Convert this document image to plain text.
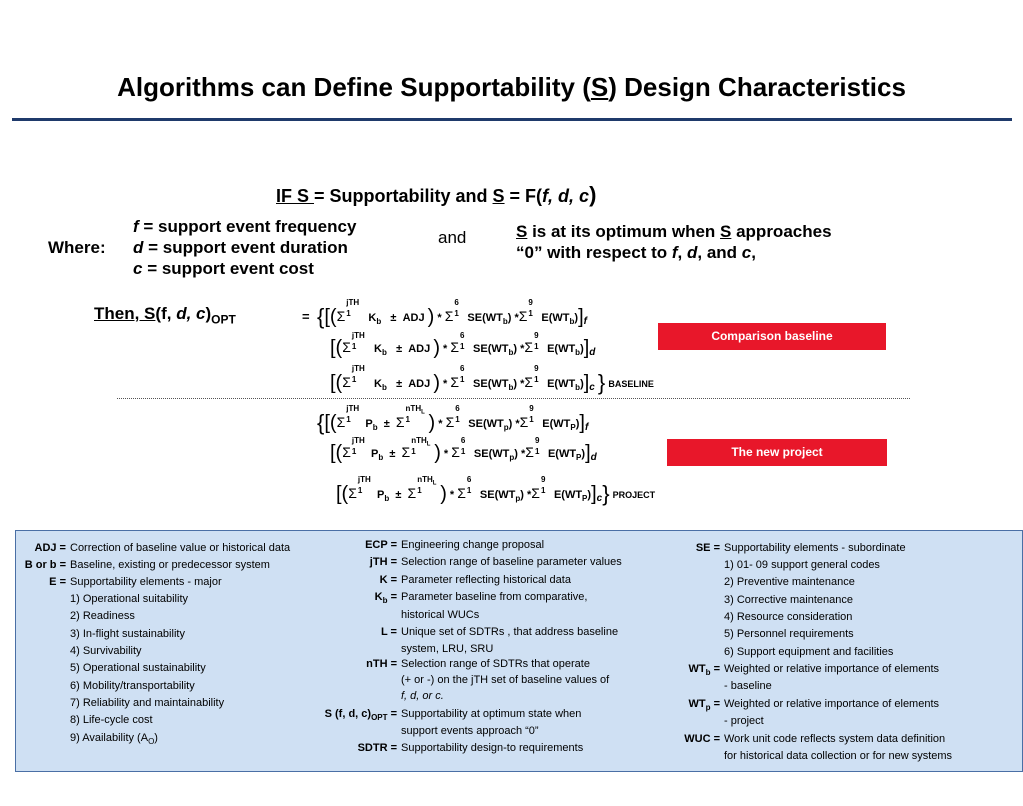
Algorithms can Define Supportability (S) Design Characteristics
IF S = Supportability and S = F(f, d, c)
Where:
f = support event frequency
d = support event duration
c = support event cost
and	S is at its optimum when S approaches
“0” with respect to f, d, and c,
Then, S(f, d, $c)_{OPT}$	= {[(Σ
jTH
1 $K_b$ ± ADJ ) * Σ
6
1 $SE(WT_b)$ *Σ
9
1 $E(WT_b)]_f$
[(Σ
jTH
1 $K_b$ ± ADJ ) * Σ
6
1 $SE(WT_b)$ *Σ
9
1 $E(WT_b)]_d$
[(Σ
jTH
1 $K_b$ ± ADJ ) * Σ
6
1 $SE(WT_b)$ *Σ
9
1 $E(WT_b)]_c$ } BASELINE
{[(Σ
jTH
1 $P_b \pm \Sigma$
nTH$_L$
1 ) * Σ
6
1 $SE(WT_p)$ *Σ
9
1 $E(WT_P)]_f$
[(Σ
jTH
1 $P_b \pm \Sigma$
nTH$_L$
1 ) * Σ
6
1 $SE(WT_p)$ *Σ
9
1 $E(WT_P)]_d$
[(Σ
jTH
1 $P_b \pm \Sigma$
nTH$_L$
1 ) * Σ
6
1 $SE(WT_p)$ *Σ
9
1 $E(WT_P)]_c$} PROJECT
Comparison baseline
The new project
ADJ = Correction of baseline value or historical data
B or b = Baseline, existing or predecessor system
E = Supportability elements - major
1) Operational suitability
2) Readiness
3) In-flight sustainability
4) Survivability
5) Operational sustainability
6) Mobility/transportability
7) Reliability and maintainability
8) Life-cycle cost
9) Availability $(A_O)$
ECP = Engineering change proposal
jTH = Selection range of baseline parameter values
K = Parameter reflecting historical data
$K_b$ = Parameter baseline from comparative,
historical WUCs
L = Unique set of SDTRs , that address baseline
system, LRU, SRU
nTH = Selection range of SDTRs that operate
(+ or -) on the jTH set of baseline values of
f, d, or c.
S (f, d, $c)_{OPT}$ = Supportability at optimum state when
support events approach “0”
SDTR = Supportability design-to requirements
SE = Supportability elements - subordinate
1) 01- 09 support general codes
2) Preventive maintenance
3) Corrective maintenance
4) Resource consideration
5) Personnel requirements
6) Support equipment and facilities
$WT_b$ = Weighted or relative importance of elements
- baseline
$WT_p$ = Weighted or relative importance of elements
- project
WUC = Work unit code reflects system data definition
for historical data collection or for new systems
